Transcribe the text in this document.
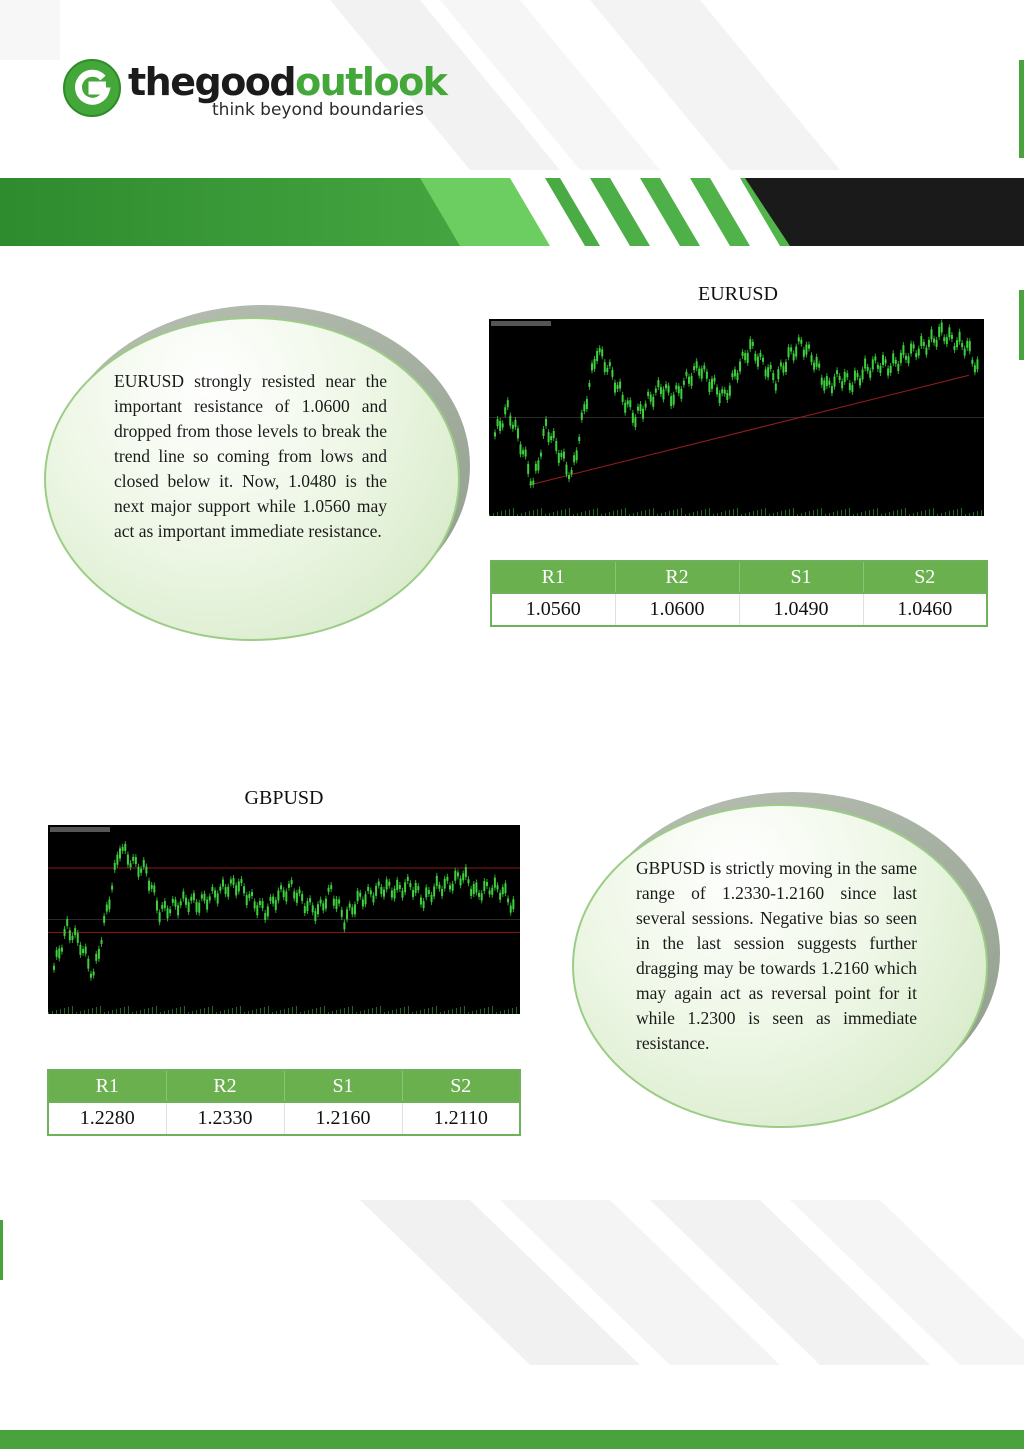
thegoodoutlook
think beyond boundaries
EURUSD
EURUSD strongly resisted near the important resistance of 1.0600 and dropped from those levels to break the trend line so coming from lows and closed below it. Now, 1.0480 is the next major support while 1.0560 may act as important immediate resistance.
R1	R2	S1	S2
1.0560	1.0600	1.0490	1.0460
GBPUSD
GBPUSD is strictly moving in the same range of 1.2330-1.2160 since last several sessions. Negative bias so seen in the last session suggests further dragging may be towards 1.2160 which may again act as reversal point for it while 1.2300 is seen as immediate resistance.
R1	R2	S1	S2
1.2280	1.2330	1.2160	1.2110
